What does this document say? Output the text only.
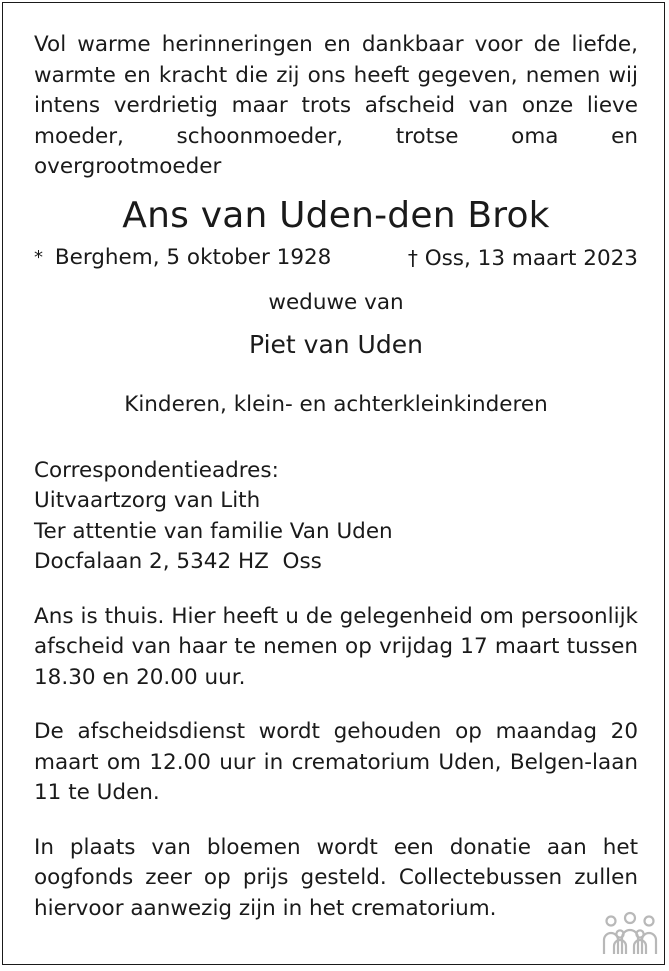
Vol warme herinneringen en dankbaar voor de liefde, warmte en kracht die zij ons heeft gegeven, nemen wij intens verdrietig maar trots afscheid van onze lieve moeder, schoonmoeder, trotse oma en overgrootmoeder

Ans van Uden-den Brok
* Berghem, 5 oktober 1928	† Oss, 13 maart 2023
weduwe van
Piet van Uden
Kinderen, klein- en achterkleinkinderen
Correspondentieadres:
Uitvaartzorg van Lith
Ter attentie van familie Van Uden
Docfalaan 2, 5342 HZ  Oss

Ans is thuis. Hier heeft u de gelegenheid om persoonlijk afscheid van haar te nemen op vrijdag 17 maart tussen 18.30 en 20.00 uur.

De afscheidsdienst wordt gehouden op maandag 20 maart om 12.00 uur in crematorium Uden, Belgen-laan 11 te Uden.

In plaats van bloemen wordt een donatie aan het oogfonds zeer op prijs gesteld. Collectebussen zullen hiervoor aanwezig zijn in het crematorium.
